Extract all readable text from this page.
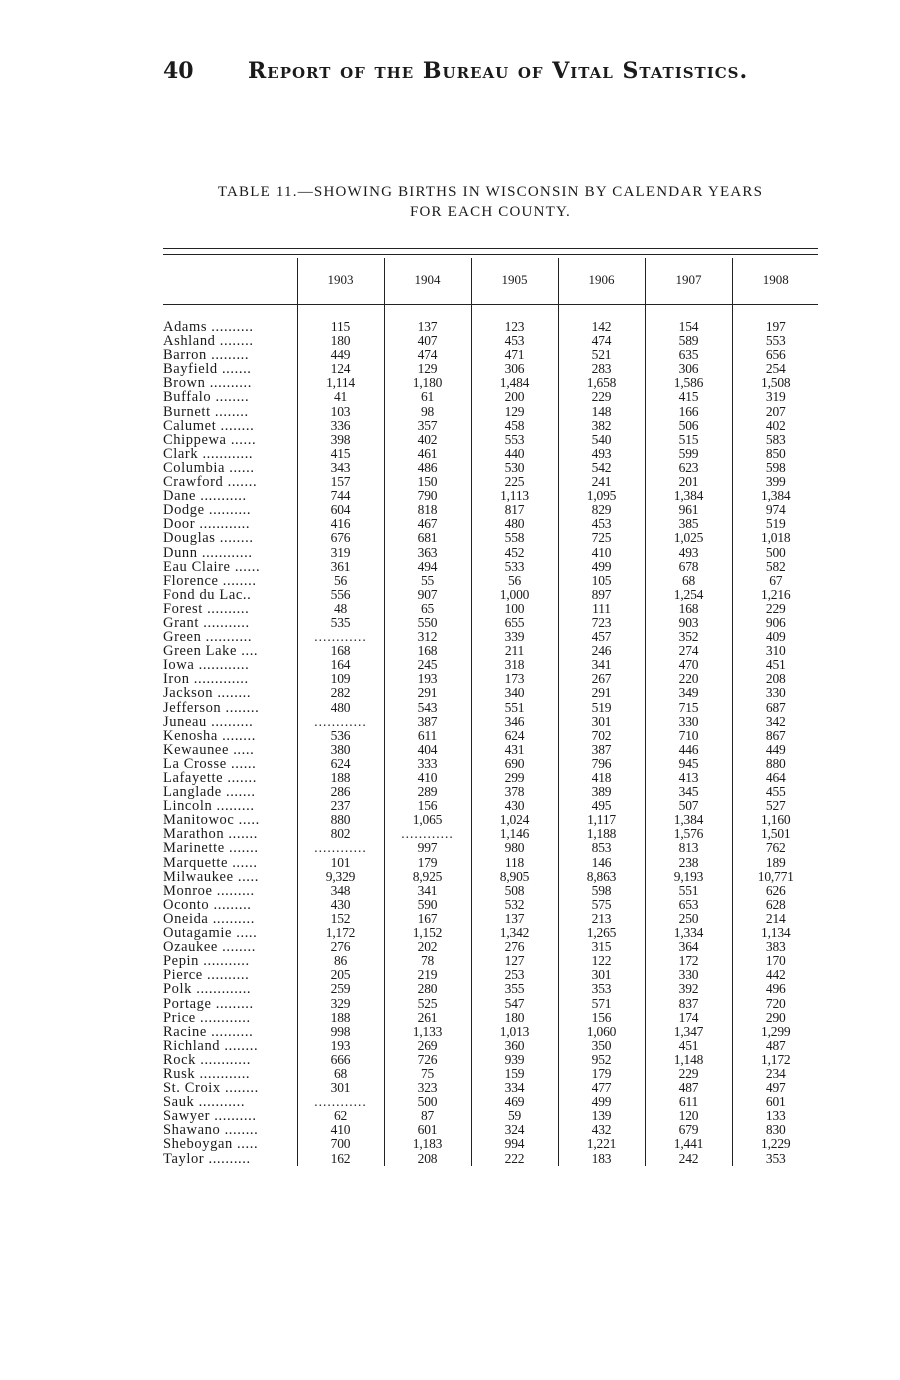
40	Report of the Bureau of Vital Statistics.
TABLE 11.—SHOWING BIRTHS IN WISCONSIN BY CALENDAR YEARS
FOR EACH COUNTY.
	1903	1904	1905	1906	1907	1908

Adams ..........	115	137	123	142	154	197
Ashland ........	180	407	453	474	589	553
Barron .........	449	474	471	521	635	656
Bayfield .......	124	129	306	283	306	254
Brown ..........	1,114	1,180	1,484	1,658	1,586	1,508
Buffalo ........	41	61	200	229	415	319
Burnett ........	103	98	129	148	166	207
Calumet ........	336	357	458	382	506	402
Chippewa ......	398	402	553	540	515	583
Clark ............	415	461	440	493	599	850
Columbia ......	343	486	530	542	623	598
Crawford .......	157	150	225	241	201	399
Dane ...........	744	790	1,113	1,095	1,384	1,384
Dodge ..........	604	818	817	829	961	974
Door ............	416	467	480	453	385	519
Douglas ........	676	681	558	725	1,025	1,018
Dunn ............	319	363	452	410	493	500
Eau Claire ......	361	494	533	499	678	582
Florence ........	56	55	56	105	68	67
Fond du Lac..	556	907	1,000	897	1,254	1,216
Forest ..........	48	65	100	111	168	229
Grant ...........	535	550	655	723	903	906
Green ...........	............	312	339	457	352	409
Green Lake ....	168	168	211	246	274	310
Iowa ............	164	245	318	341	470	451
Iron .............	109	193	173	267	220	208
Jackson ........	282	291	340	291	349	330
Jefferson ........	480	543	551	519	715	687
Juneau ..........	............	387	346	301	330	342
Kenosha ........	536	611	624	702	710	867
Kewaunee .....	380	404	431	387	446	449
La Crosse ......	624	333	690	796	945	880
Lafayette .......	188	410	299	418	413	464
Langlade .......	286	289	378	389	345	455
Lincoln .........	237	156	430	495	507	527
Manitowoc .....	880	1,065	1,024	1,117	1,384	1,160
Marathon .......	802	............	1,146	1,188	1,576	1,501
Marinette .......	............	997	980	853	813	762
Marquette ......	101	179	118	146	238	189
Milwaukee .....	9,329	8,925	8,905	8,863	9,193	10,771
Monroe .........	348	341	508	598	551	626
Oconto .........	430	590	532	575	653	628
Oneida ..........	152	167	137	213	250	214
Outagamie .....	1,172	1,152	1,342	1,265	1,334	1,134
Ozaukee ........	276	202	276	315	364	383
Pepin ...........	86	78	127	122	172	170
Pierce ..........	205	219	253	301	330	442
Polk .............	259	280	355	353	392	496
Portage .........	329	525	547	571	837	720
Price ............	188	261	180	156	174	290
Racine ..........	998	1,133	1,013	1,060	1,347	1,299
Richland ........	193	269	360	350	451	487
Rock ............	666	726	939	952	1,148	1,172
Rusk ............	68	75	159	179	229	234
St. Croix ........	301	323	334	477	487	497
Sauk ...........	............	500	469	499	611	601
Sawyer ..........	62	87	59	139	120	133
Shawano ........	410	601	324	432	679	830
Sheboygan .....	700	1,183	994	1,221	1,441	1,229
Taylor ..........	162	208	222	183	242	353
